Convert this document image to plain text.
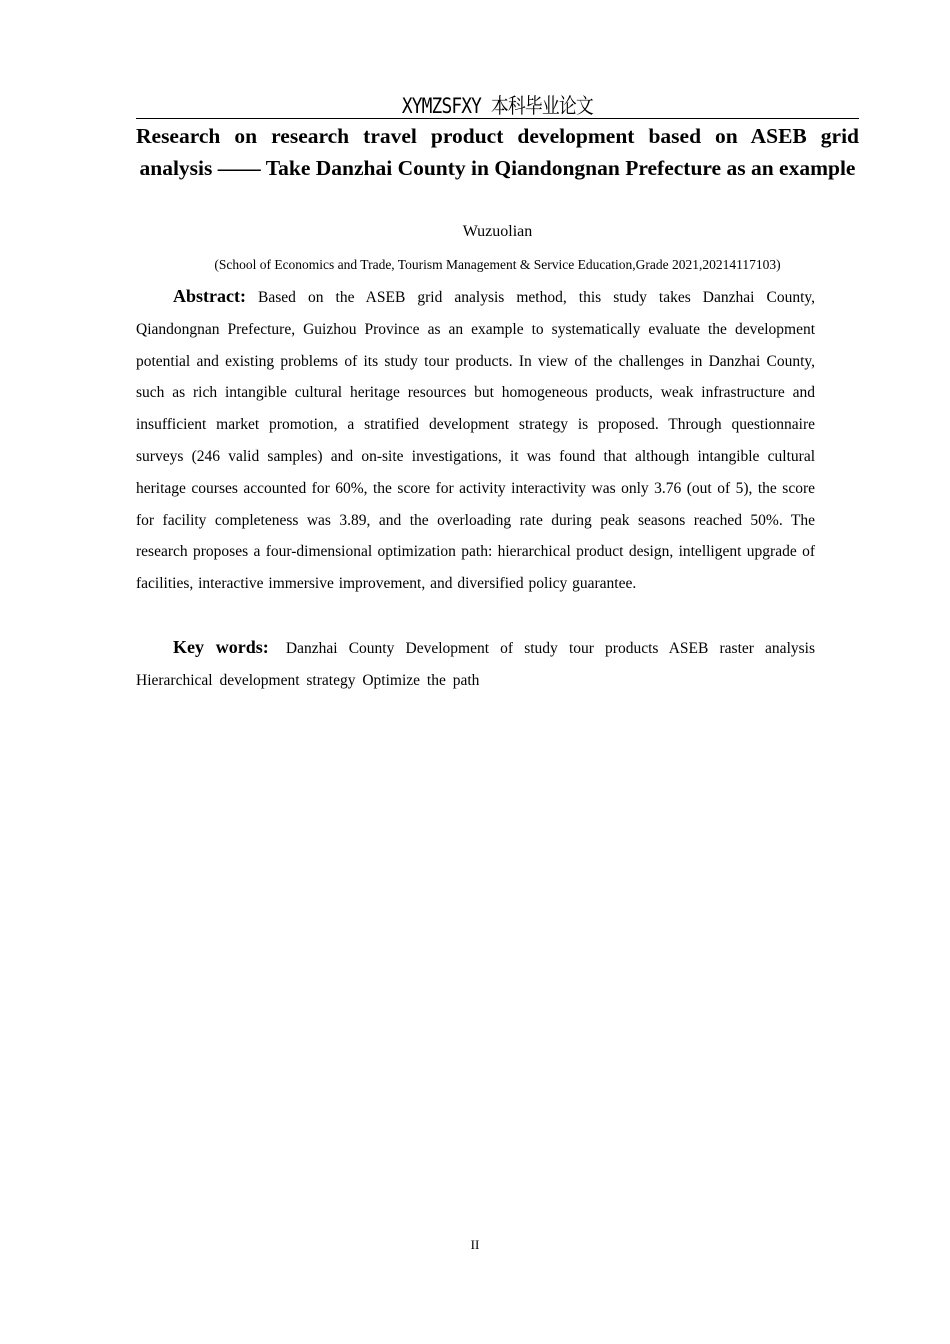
XYMZSFXY 本科毕业论文
Research on research travel product development based on ASEB grid analysis —— Take Danzhai County in Qiandongnan Prefecture as an example
Wuzuolian
(School of Economics and Trade, Tourism Management & Service Education,Grade 2021,20214117103)

Abstract: Based on the ASEB grid analysis method, this study takes Danzhai County, Qiandongnan Prefecture, Guizhou Province as an example to systematically evaluate the development potential and existing problems of its study tour products. In view of the challenges in Danzhai County, such as rich intangible cultural heritage resources but homogeneous products, weak infrastructure and insufficient market promotion, a stratified development strategy is proposed. Through questionnaire surveys (246 valid samples) and on-site investigations, it was found that although intangible cultural heritage courses accounted for 60%, the score for activity interactivity was only 3.76 (out of 5), the score for facility completeness was 3.89, and the overloading rate during peak seasons reached 50%. The research proposes a four-dimensional optimization path: hierarchical product design, intelligent upgrade of facilities, interactive immersive improvement, and diversified policy guarantee.

Key words: Danzhai County Development of study tour products ASEB raster analysis Hierarchical development strategy Optimize the path

II
